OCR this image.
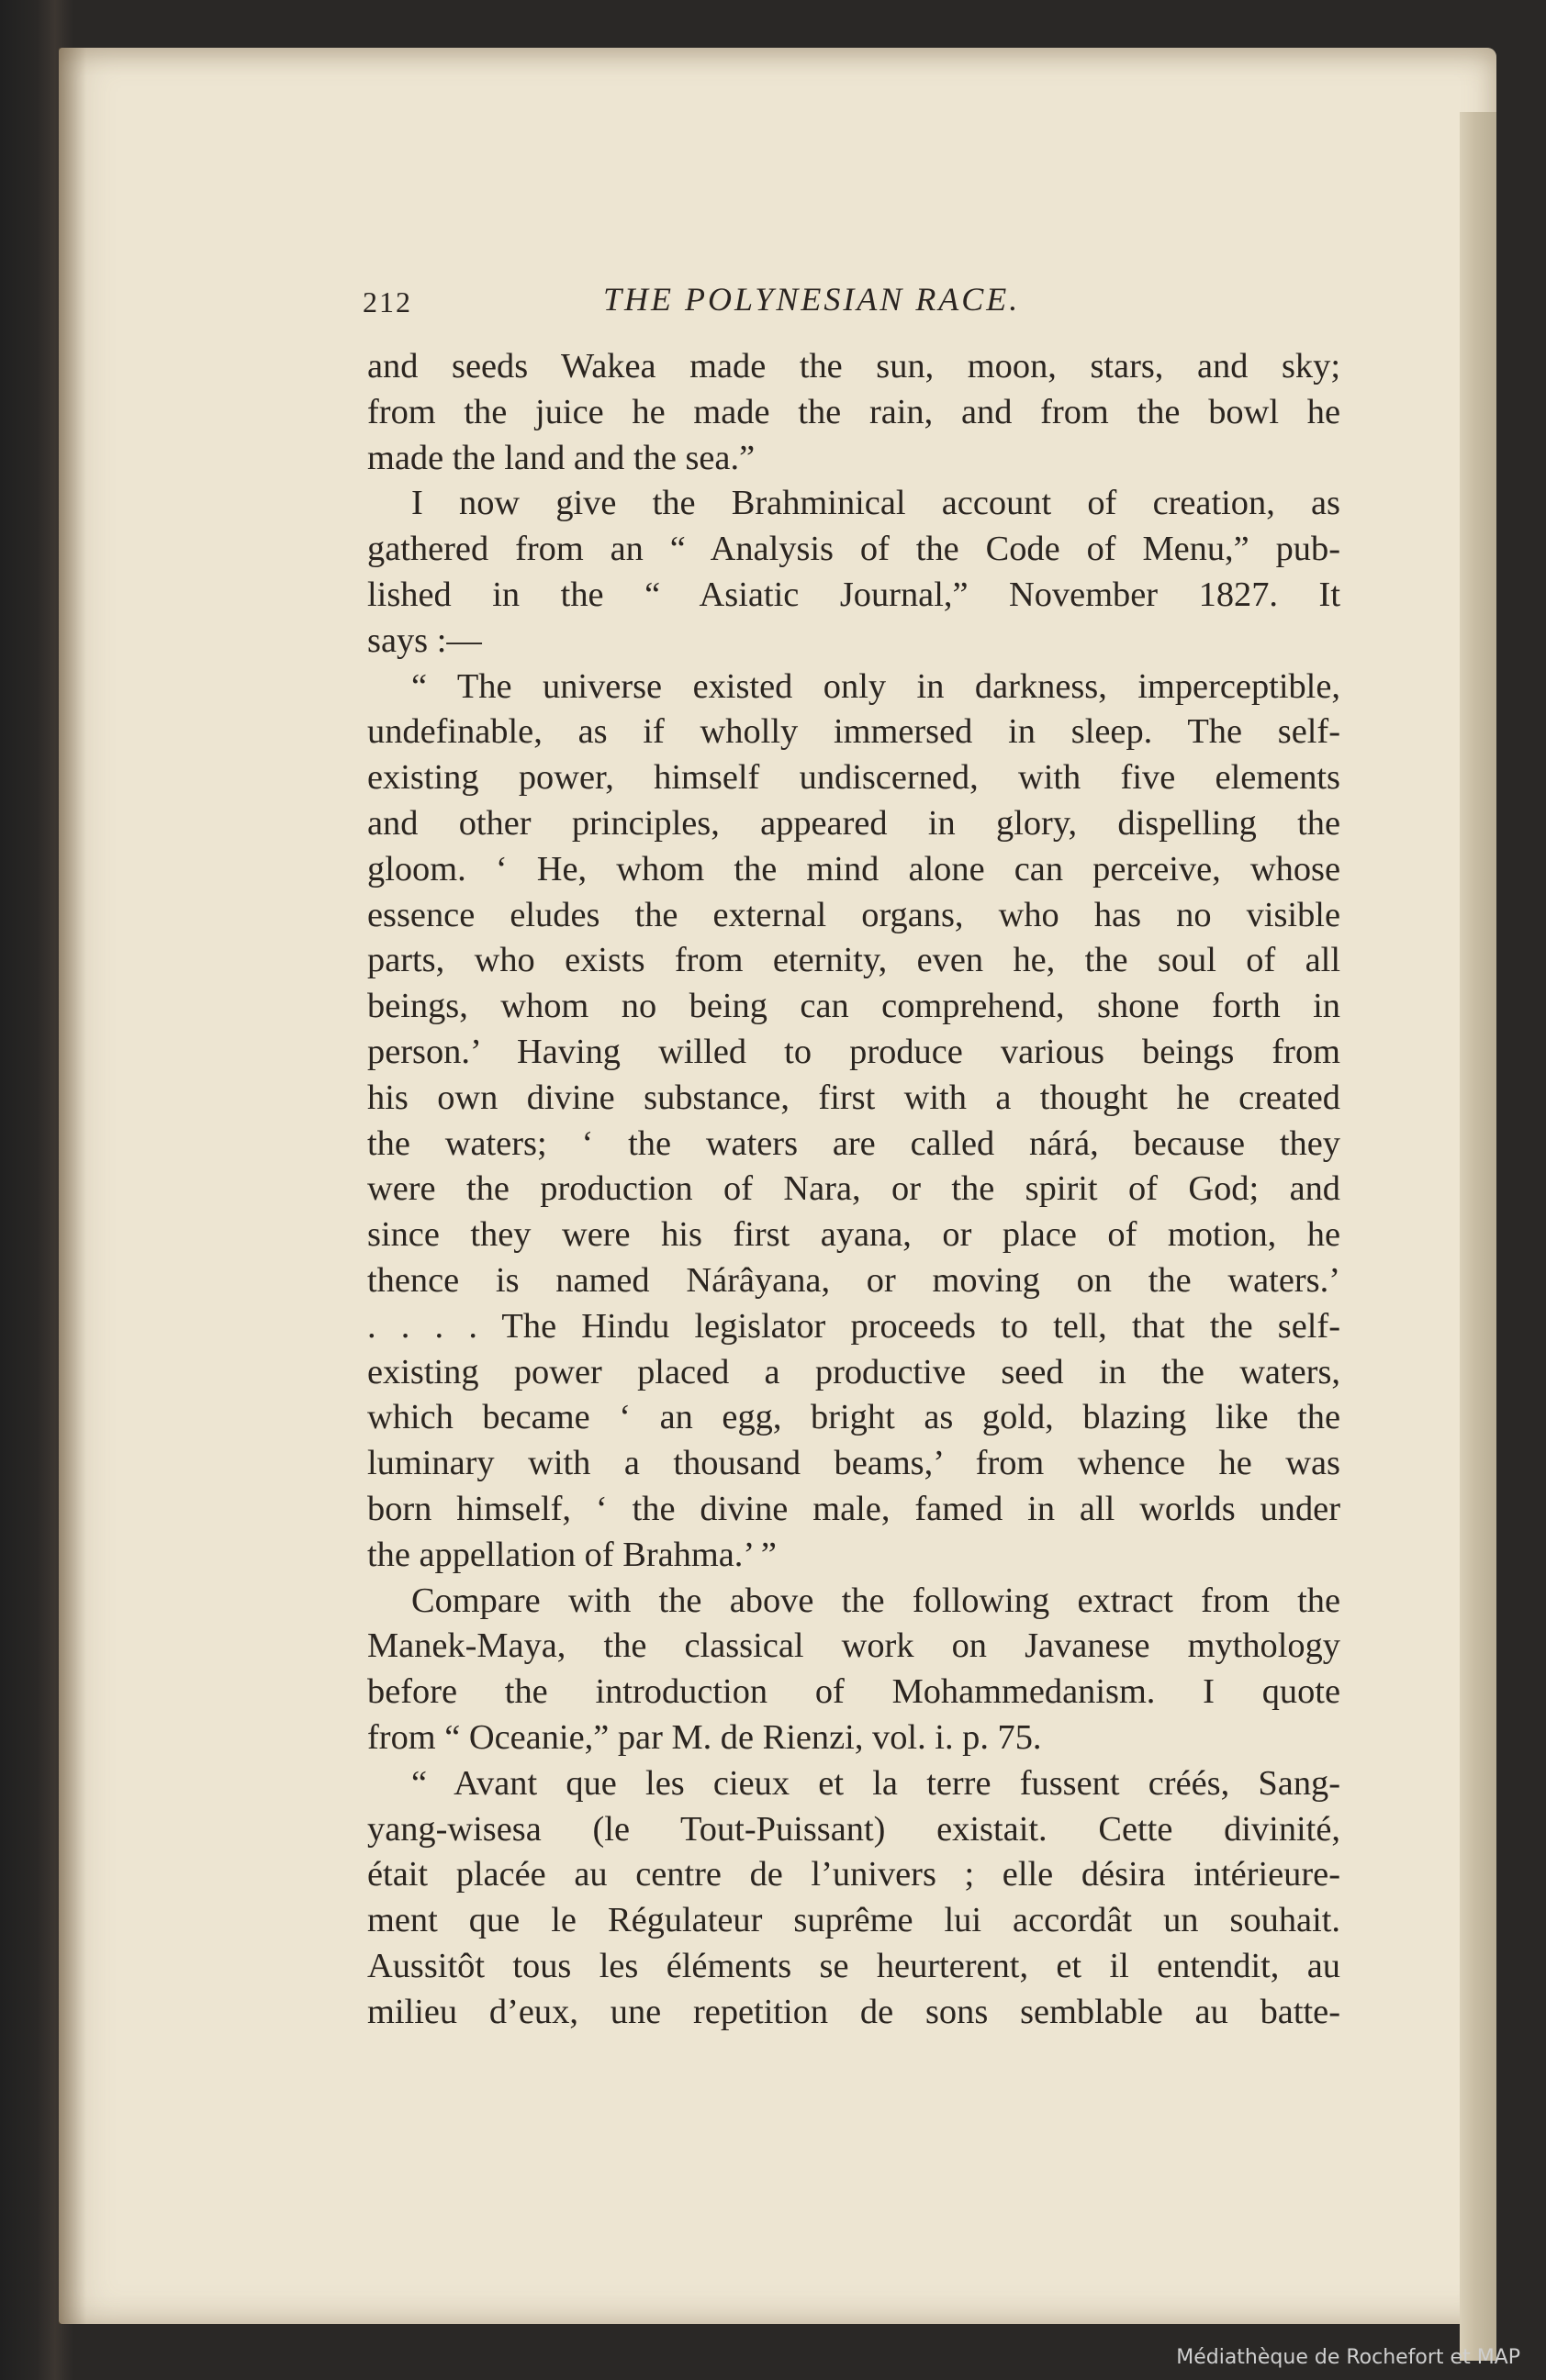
212	THE POLYNESIAN RACE.
and seeds Wakea made the sun, moon, stars, and sky;
from the juice he made the rain, and from the bowl he
made the land and the sea.”
I now give the Brahminical account of creation, as
gathered from an “ Analysis of the Code of Menu,” pub-
lished in the “ Asiatic Journal,” November 1827. It
says :—
“ The universe existed only in darkness, imperceptible,
undefinable, as if wholly immersed in sleep. The self-
existing power, himself undiscerned, with five elements
and other principles, appeared in glory, dispelling the
gloom. ‘ He, whom the mind alone can perceive, whose
essence eludes the external organs, who has no visible
parts, who exists from eternity, even he, the soul of all
beings, whom no being can comprehend, shone forth in
person.’ Having willed to produce various beings from
his own divine substance, first with a thought he created
the waters; ‘ the waters are called nárá, because they
were the production of Nara, or the spirit of God; and
since they were his first ayana, or place of motion, he
thence is named Nárâyana, or moving on the waters.’
. . . . The Hindu legislator proceeds to tell, that the self-
existing power placed a productive seed in the waters,
which became ‘ an egg, bright as gold, blazing like the
luminary with a thousand beams,’ from whence he was
born himself, ‘ the divine male, famed in all worlds under
the appellation of Brahma.’ ”
Compare with the above the following extract from the
Manek-Maya, the classical work on Javanese mythology
before the introduction of Mohammedanism. I quote
from “ Oceanie,” par M. de Rienzi, vol. i. p. 75.
“ Avant que les cieux et la terre fussent créés, Sang-
yang-wisesa (le Tout-Puissant) existait. Cette divinité,
était placée au centre de l’univers ; elle désira intérieure-
ment que le Régulateur suprême lui accordât un souhait.
Aussitôt tous les éléments se heurterent, et il entendit, au
milieu d’eux, une repetition de sons semblable au batte-
Médiathèque de Rochefort et MAP
